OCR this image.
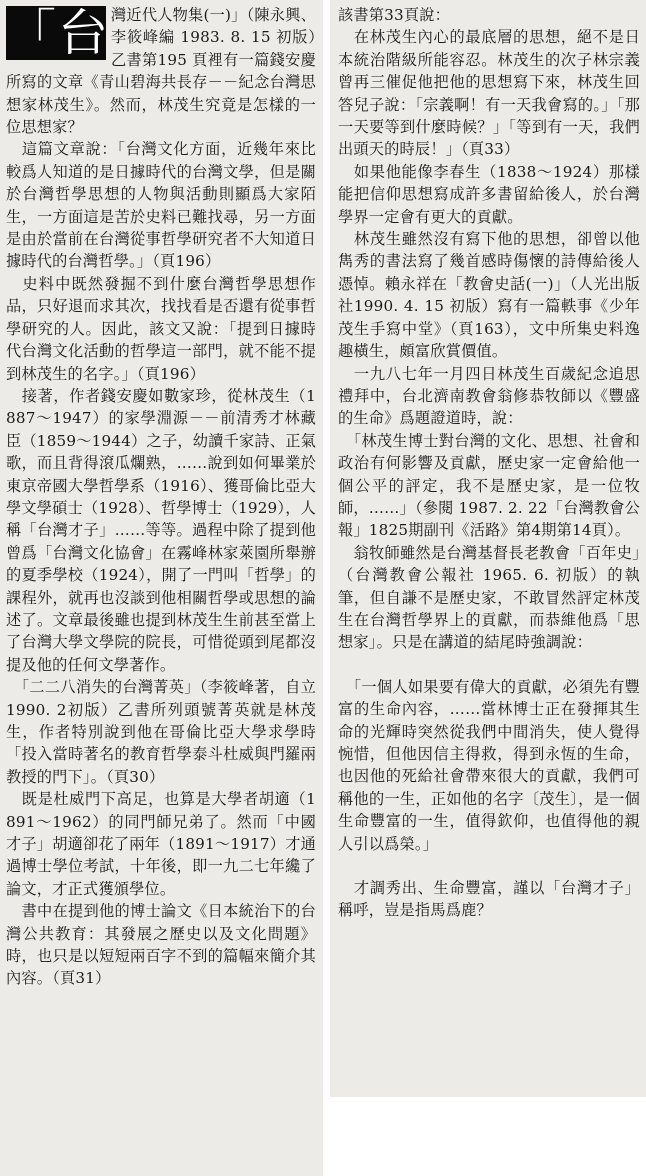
「台 灣近代人物集(一)」（陳永興、李筱峰編 1983. 8. 15 初版）乙書第195 頁裡有一篇錢安慶所寫的文章《青山碧海共長存－－紀念台灣思想家林茂生》。然而，林茂生究竟是怎樣的一位思想家？

　這篇文章說：「台灣文化方面，近幾年來比較爲人知道的是日據時代的台灣文學，但是關於台灣哲學思想的人物與活動則顯爲大家陌生，一方面這是苦於史料已難找尋，另一方面是由於當前在台灣從事哲學研究者不大知道日據時代的台灣哲學。」（頁196）

　史料中既然發掘不到什麼台灣哲學思想作品，只好退而求其次，找找看是否還有從事哲學研究的人。因此，該文又說：「提到日據時代台灣文化活動的哲學這一部門，就不能不提到林茂生的名字。」（頁196）

　接著，作者錢安慶如數家珍，從林茂生（1887～1947）的家學淵源－－前清秀才林藏臣（1859～1944）之子，幼讀千家詩、正氣歌，而且背得滾瓜爛熟，……說到如何畢業於東京帝國大學哲學系（1916）、獲哥倫比亞大學文學碩士（1928）、哲學博士（1929），人稱「台灣才子」……等等。過程中除了提到他曾爲「台灣文化協會」在霧峰林家萊園所舉辦的夏季學校（1924），開了一門叫「哲學」的課程外，就再也沒談到他相關哲學或思想的論述了。文章最後雖也提到林茂生生前甚至當上了台灣大學文學院的院長，可惜從頭到尾都沒提及他的任何文學著作。

　「二二八消失的台灣菁英」（李筱峰著，自立1990. 2初版）乙書所列頭號菁英就是林茂生，作者特別說到他在哥倫比亞大學求學時「投入當時著名的教育哲學泰斗杜威與門羅兩教授的門下」。（頁30）

　既是杜威門下高足，也算是大學者胡適（1891～1962）的同門師兄弟了。然而「中國才子」胡適卻花了兩年（1891～1917）才通過博士學位考試，十年後，即一九二七年纔了論文，才正式獲頒學位。

　書中在提到他的博士論文《日本統治下的台灣公共教育：其發展之歷史以及文化問題》時，也只是以短短兩百字不到的篇幅來簡介其內容。（頁31）

該書第33頁說：

　在林茂生內心的最底層的思想，絕不是日本統治階級所能容忍。林茂生的次子林宗義曾再三催促他把他的思想寫下來，林茂生回答兒子說：「宗義啊！有一天我會寫的。」「那一天要等到什麼時候？」「等到有一天，我們出頭天的時辰！」（頁33）

　如果他能像李春生（1838～1924）那樣能把信仰思想寫成許多書留給後人，於台灣學界一定會有更大的貢獻。

　林茂生雖然沒有寫下他的思想，卻曾以他雋秀的書法寫了幾首感時傷懷的詩傳給後人憑悼。賴永祥在「教會史話(一)」（人光出版社1990. 4. 15 初版）寫有一篇軼事《少年茂生手寫中堂》（頁163），文中所集史料逸趣橫生，頗富欣賞價值。

　一九八七年一月四日林茂生百歲紀念追思禮拜中，台北濟南教會翁修恭牧師以《豐盛的生命》爲題證道時，說：

　「林茂生博士對台灣的文化、思想、社會和政治有何影響及貢獻，歷史家一定會給他一個公平的評定，我不是歷史家，是一位牧師，……」（參閱 1987. 2. 22「台灣教會公報」1825期副刊《活路》第4期第14頁）。

　翁牧師雖然是台灣基督長老教會「百年史」（台灣教會公報社 1965. 6. 初版）的執筆，但自謙不是歷史家，不敢冒然評定林茂生在台灣哲學界上的貢獻，而恭維他爲「思想家」。只是在講道的結尾時強調說：

　「一個人如果要有偉大的貢獻，必須先有豐富的生命內容，……當林博士正在發揮其生命的光輝時突然從我們中間消失，使人覺得惋惜，但他因信主得救，得到永恆的生命，也因他的死給社會帶來很大的貢獻，我們可稱他的一生，正如他的名字〔茂生〕，是一個生命豐富的一生，值得欽仰，也值得他的親人引以爲榮。」

　才調秀出、生命豐富，謹以「台灣才子」稱呼，豈是指馬爲鹿？
